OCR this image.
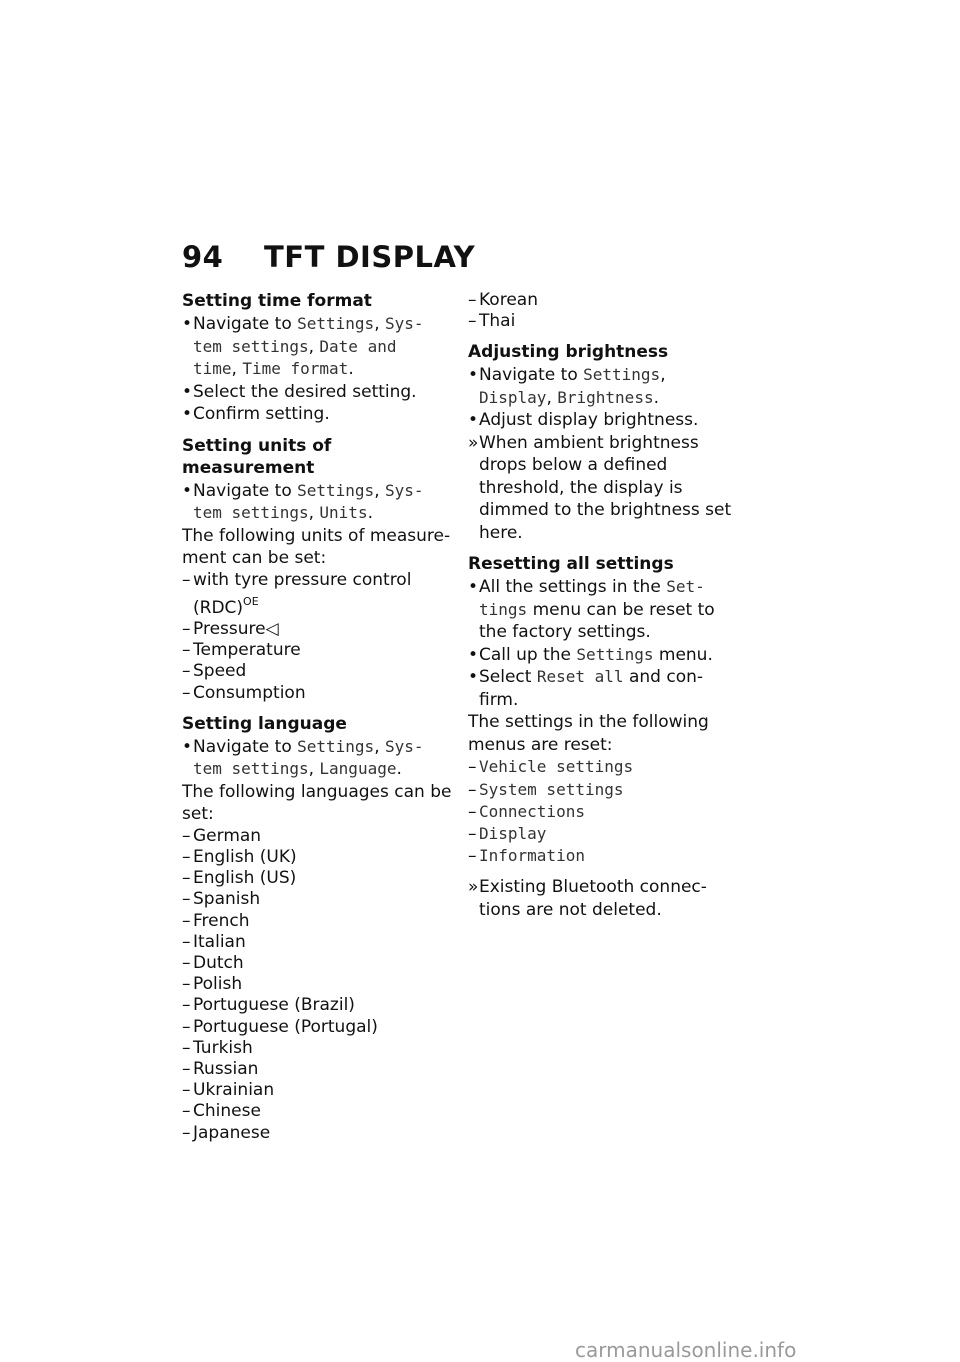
94 TFT DISPLAY
Setting time format
• Navigate to Settings, Sys-
tem settings, Date and
time, Time format.
• Select the desired setting.
• Confirm setting.
Setting units of measurement
• Navigate to Settings, Sys-
tem settings, Units.

The following units of measure-
ment can be set:

– with tyre pressure control
(RDC)$^{OE}$
– Pressure◁
– Temperature
– Speed
– Consumption
Setting language
• Navigate to Settings, Sys-
tem settings, Language.

The following languages can be
set:

– German
– English (UK)
– English (US)
– Spanish
– French
– Italian
– Dutch
– Polish
– Portuguese (Brazil)
– Portuguese (Portugal)
– Turkish
– Russian
– Ukrainian
– Chinese
– Japanese
– Korean
– Thai
Adjusting brightness
• Navigate to Settings,
Display, Brightness.
• Adjust display brightness.
» When ambient brightness
drops below a defined
threshold, the display is
dimmed to the brightness set
here.
Resetting all settings
• All the settings in the Set-
tings menu can be reset to
the factory settings.
• Call up the Settings menu.
• Select Reset all and con-
firm.

The settings in the following
menus are reset:

– Vehicle settings
– System settings
– Connections
– Display
– Information
» Existing Bluetooth connec-
tions are not deleted.
carmanualsonline.info
